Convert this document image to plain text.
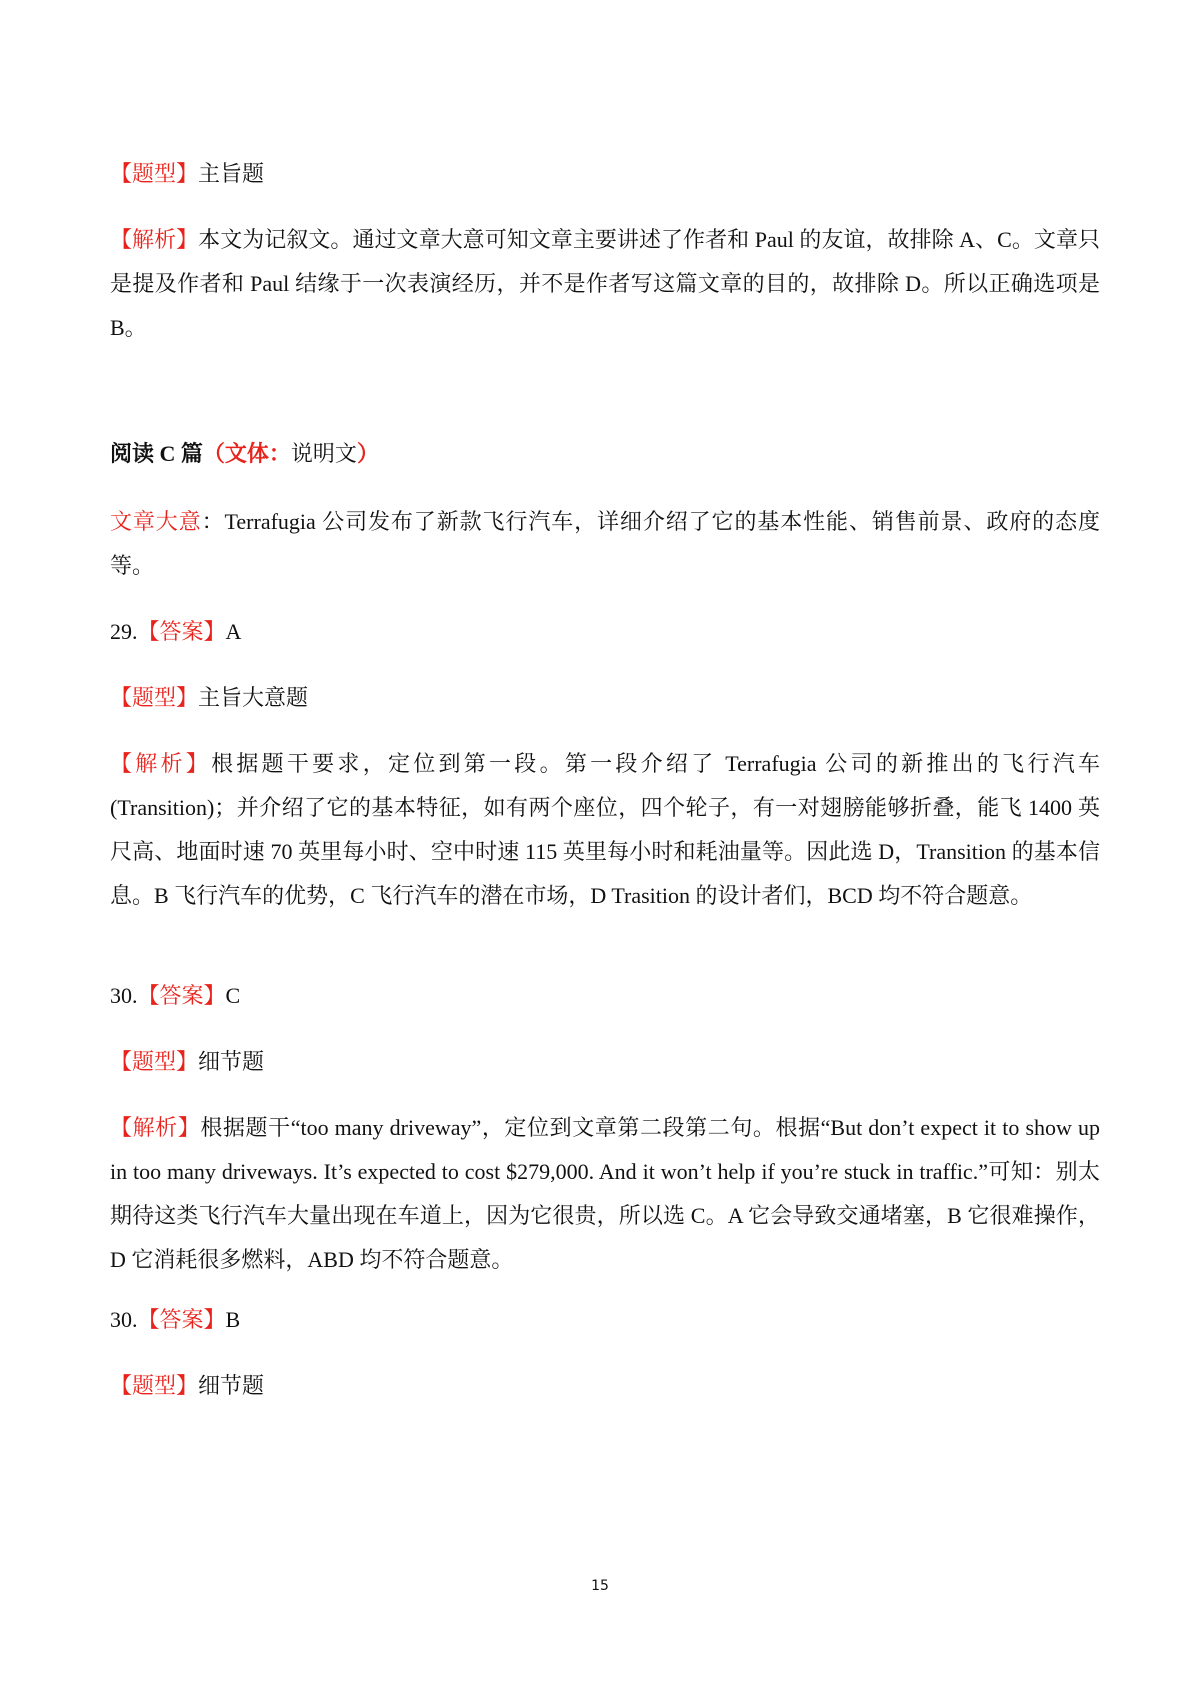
【题型】主旨题
【解析】本文为记叙文。通过文章大意可知文章主要讲述了作者和 Paul 的友谊，故排除 A、C。文章只是提及作者和 Paul 结缘于一次表演经历，并不是作者写这篇文章的目的，故排除 D。所以正确选项是 B。
阅读 C 篇（文体：说明文）
文章大意：Terrafugia 公司发布了新款飞行汽车，详细介绍了它的基本性能、销售前景、政府的态度等。
29.【答案】A
【题型】主旨大意题
【解析】根据题干要求，定位到第一段。第一段介绍了 Terrafugia 公司的新推出的飞行汽车(Transition)；并介绍了它的基本特征，如有两个座位，四个轮子，有一对翅膀能够折叠，能飞 1400 英尺高、地面时速 70 英里每小时、空中时速 115 英里每小时和耗油量等。因此选 D，Transition 的基本信息。B 飞行汽车的优势，C 飞行汽车的潜在市场，D Trasition 的设计者们，BCD 均不符合题意。
30.【答案】C
【题型】细节题
【解析】根据题干“too many driveway”，定位到文章第二段第二句。根据“But don’t expect it to show up in too many driveways. It’s expected to cost $279,000. And it won’t help if you’re stuck in traffic.”可知：别太期待这类飞行汽车大量出现在车道上，因为它很贵，所以选 C。A 它会导致交通堵塞，B 它很难操作，D 它消耗很多燃料，ABD 均不符合题意。
30.【答案】B
【题型】细节题
15
